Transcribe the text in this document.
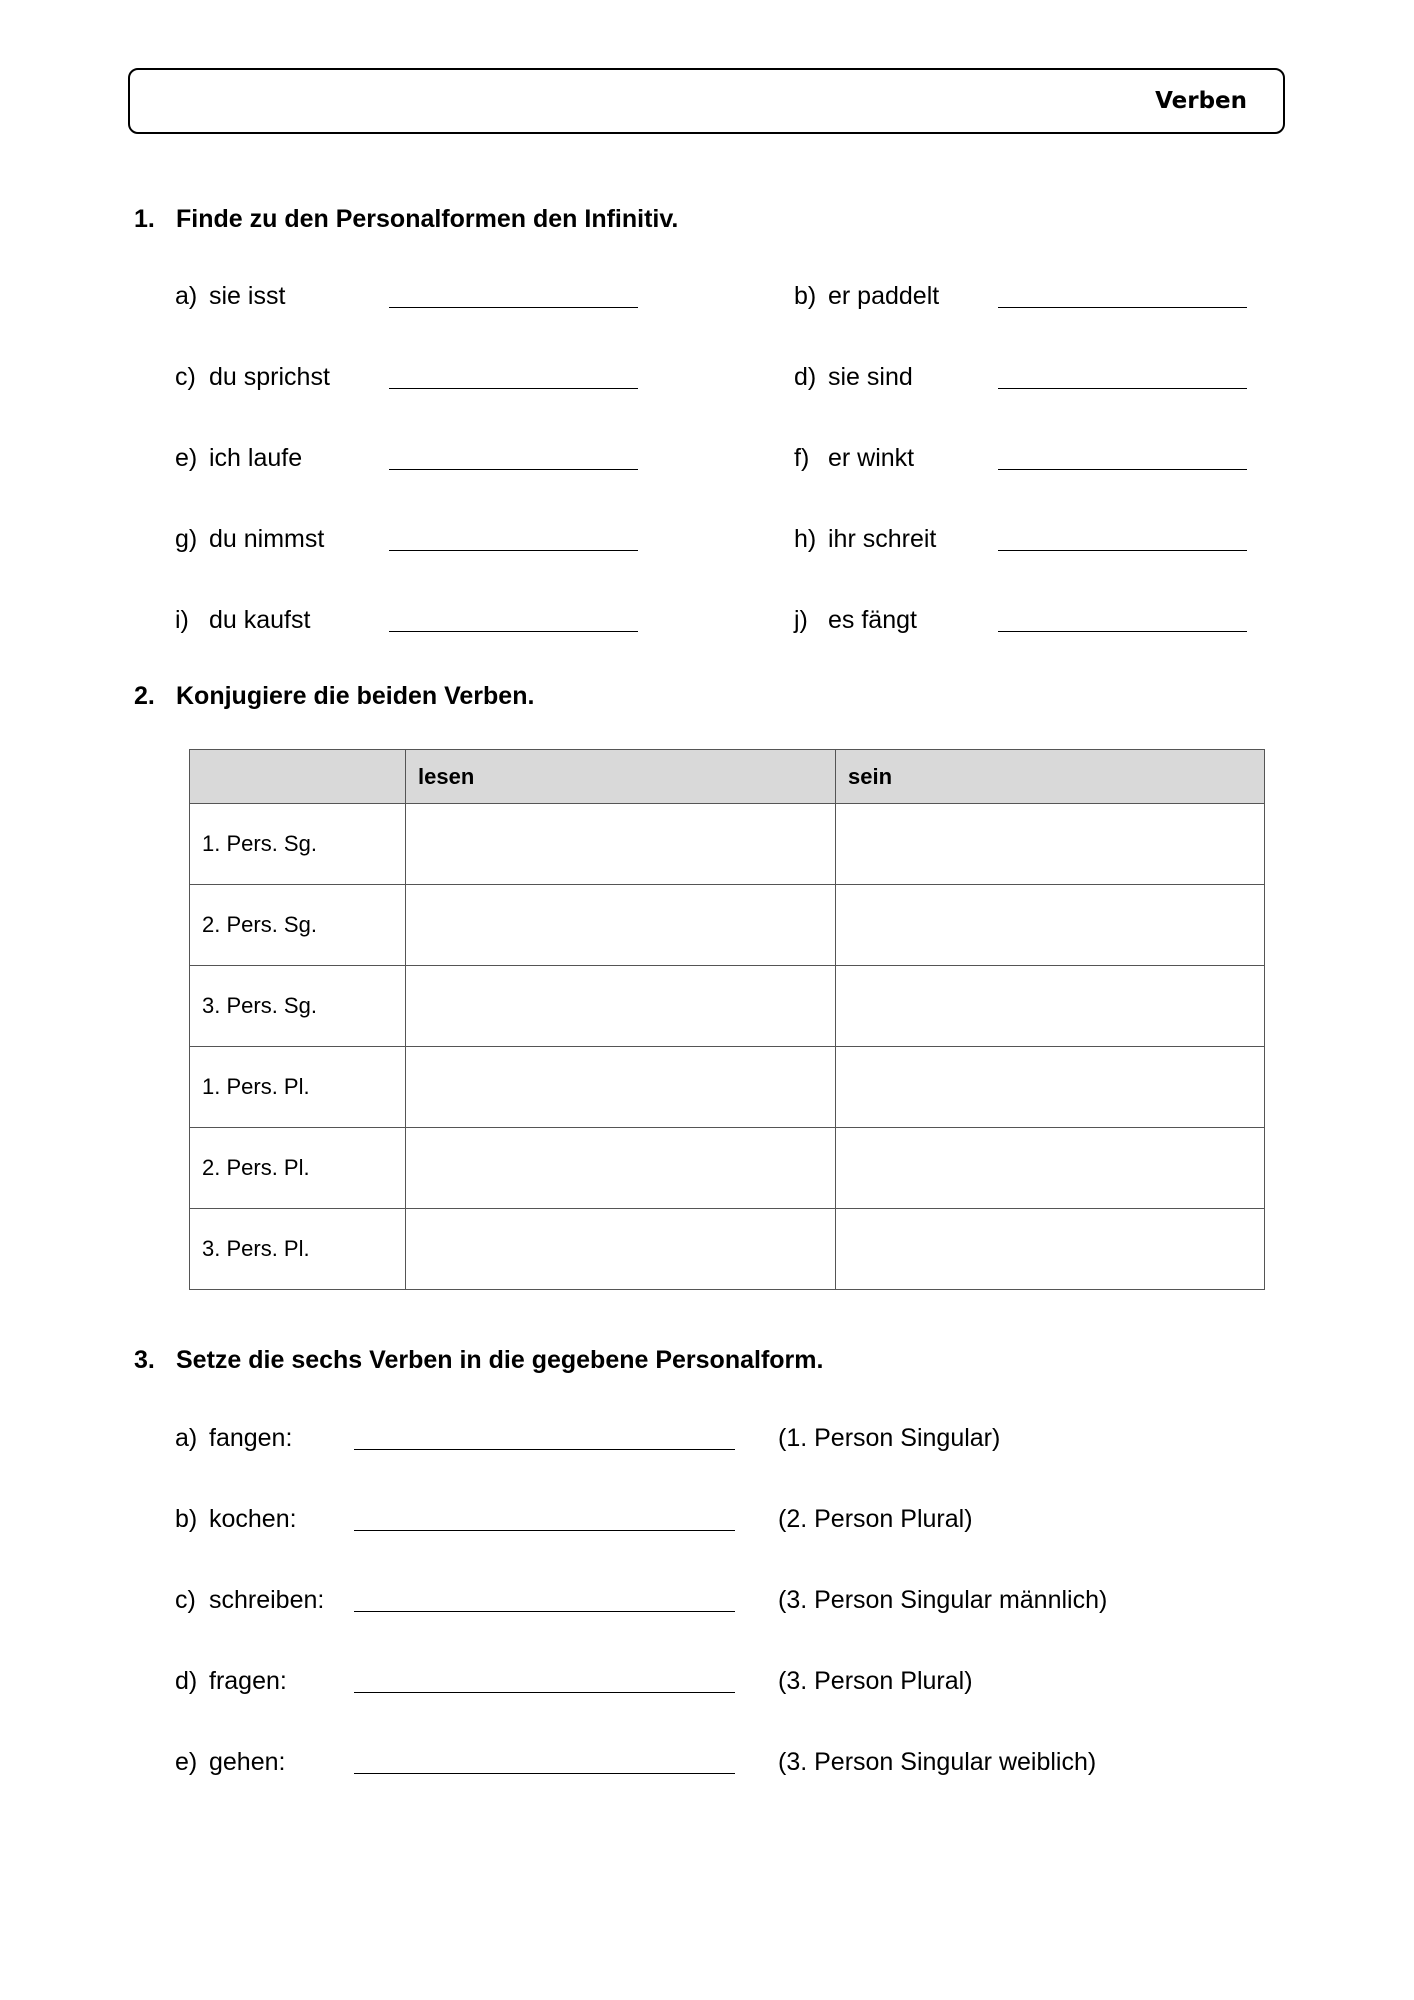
Verben
1. Finde zu den Personalformen den Infinitiv.
a) sie isst	b) er paddelt
c) du sprichst	d) sie sind
e) ich laufe	f) er winkt
g) du nimmst	h) ihr schreit
i) du kaufst	j) es fängt
2. Konjugiere die beiden Verben.
	lesen	sein
1. Pers. Sg.		
2. Pers. Sg.		
3. Pers. Sg.		
1. Pers. Pl.		
2. Pers. Pl.		
3. Pers. Pl.		
3. Setze die sechs Verben in die gegebene Personalform.
a) fangen:	(1. Person Singular)
b) kochen:	(2. Person Plural)
c) schreiben:	(3. Person Singular männlich)
d) fragen:	(3. Person Plural)
e) gehen:	(3. Person Singular weiblich)
